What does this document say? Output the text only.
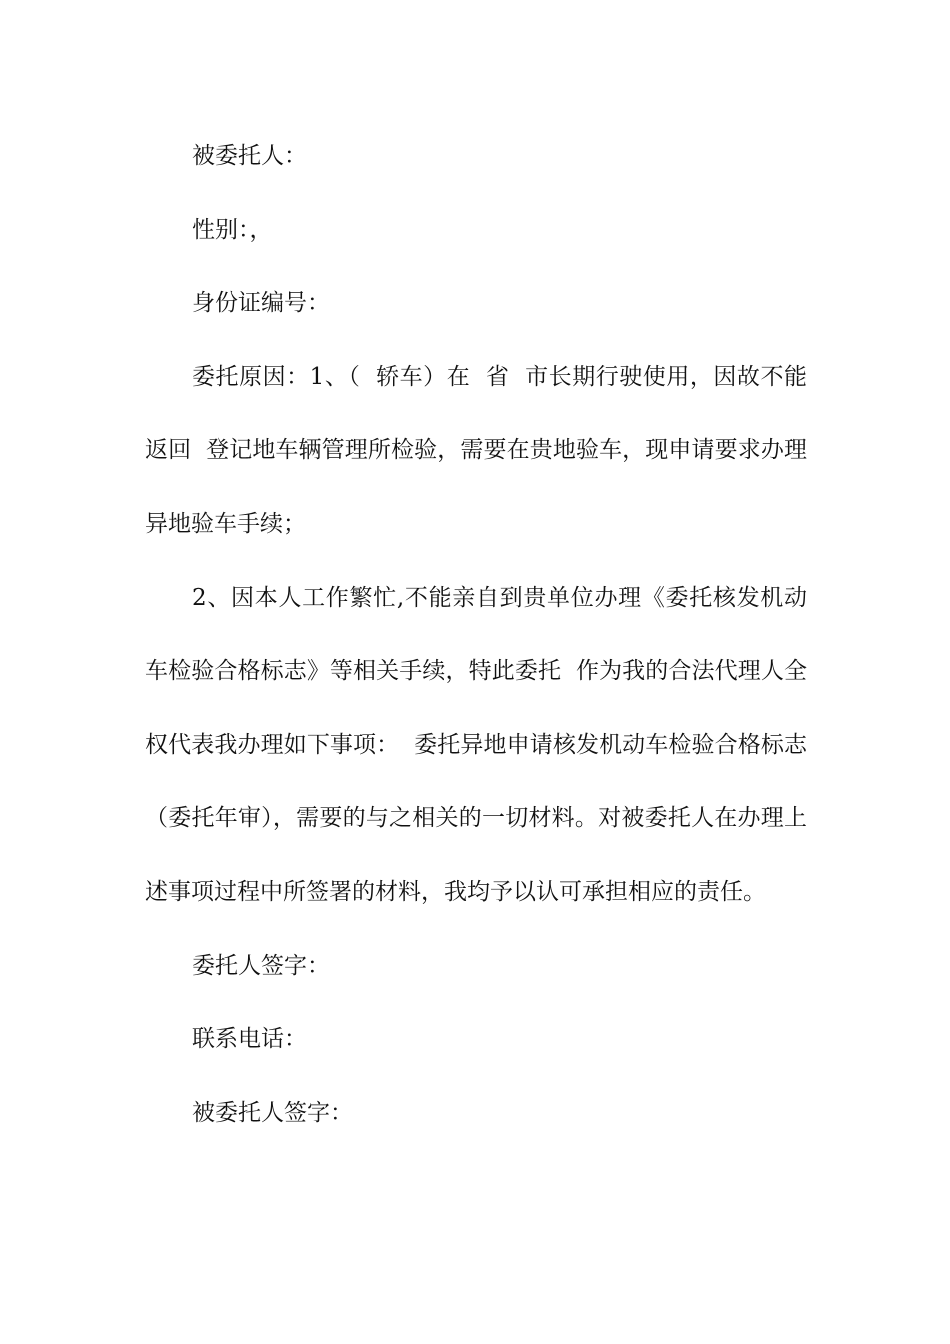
被委托人：

性别：，

身份证编号：

委托原因：1、（  轿车）在  省  市长期行驶使用，因故不能返回  登记地车辆管理所检验，需要在贵地验车，现申请要求办理异地验车手续；

2、因本人工作繁忙,不能亲自到贵单位办理《委托核发机动车检验合格标志》等相关手续，特此委托  作为我的合法代理人全权代表我办理如下事项：  委托异地申请核发机动车检验合格标志（委托年审），需要的与之相关的一切材料。对被委托人在办理上述事项过程中所签署的材料，我均予以认可承担相应的责任。

委托人签字：

联系电话：

被委托人签字：
